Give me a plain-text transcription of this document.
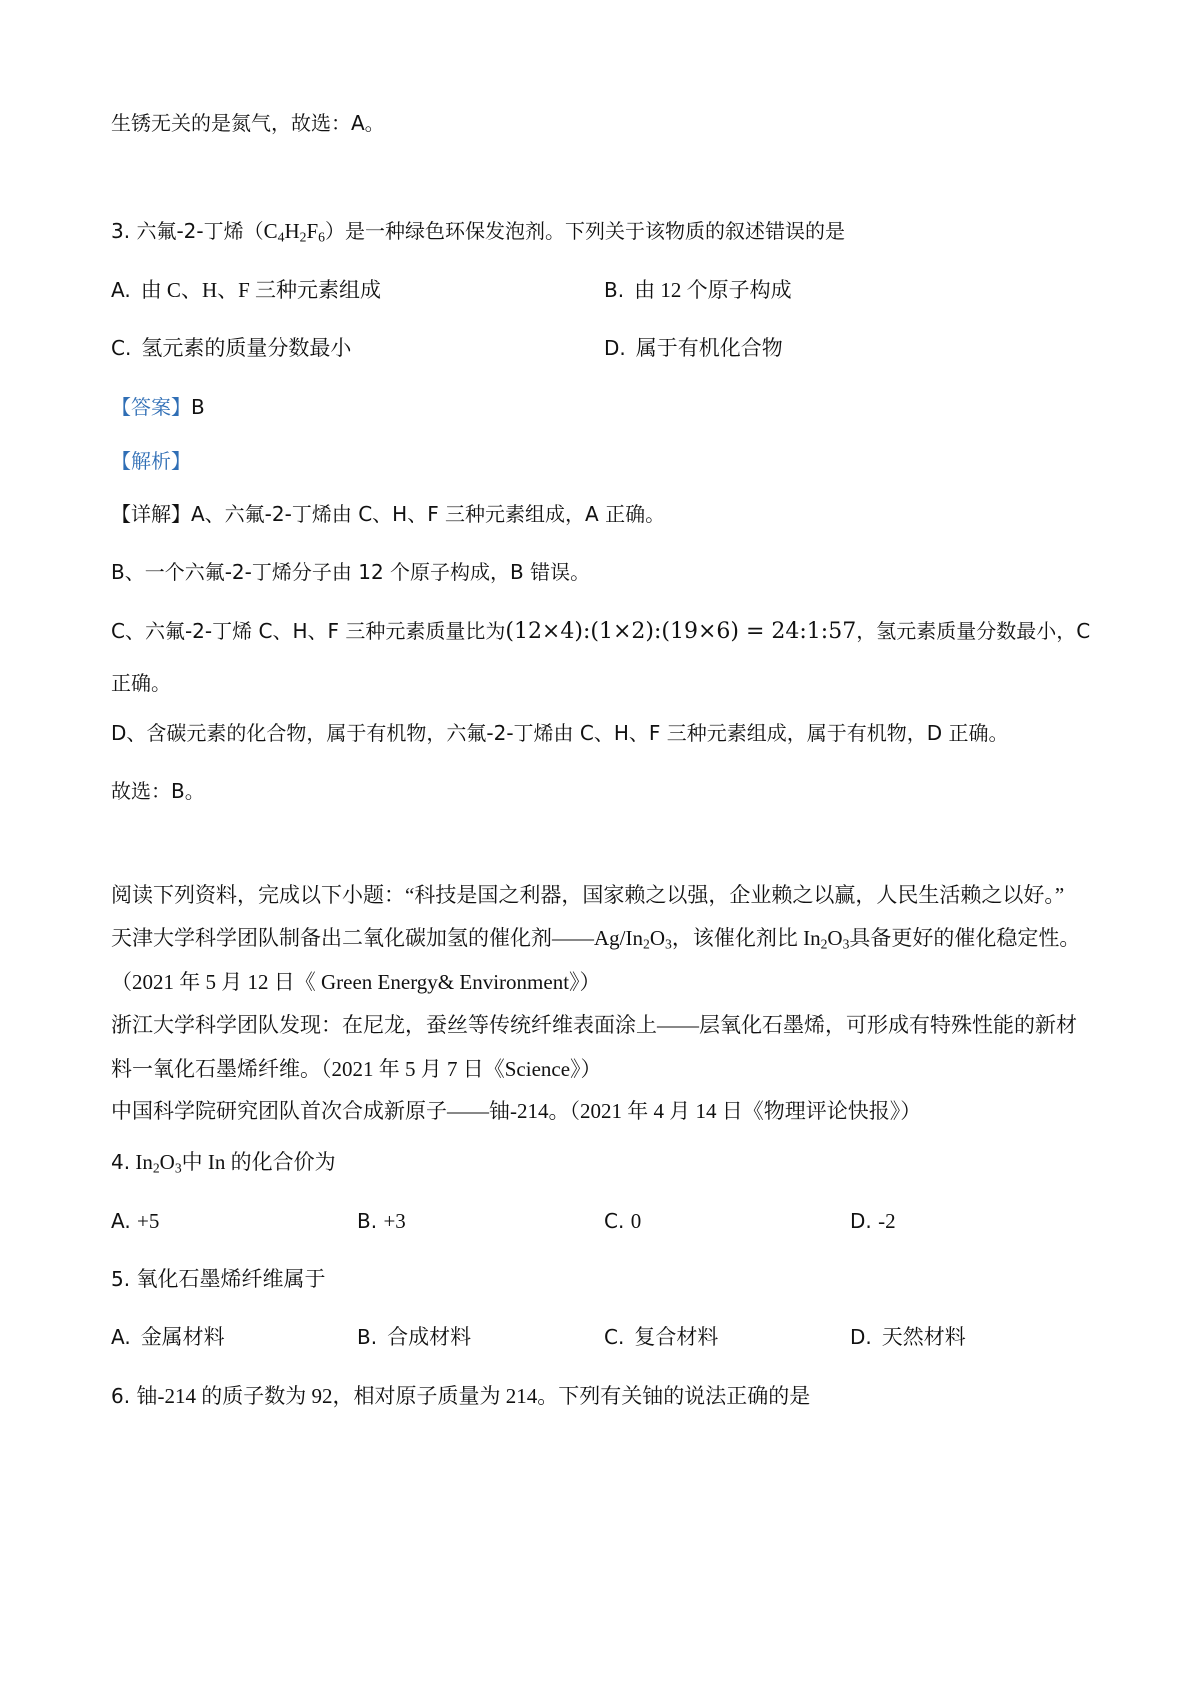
生锈无关的是氮气，故选：A。
3. 六氟-2-丁烯$(C_4H_2F_6)$是一种绿色环保发泡剂。下列关于该物质的叙述错误的是
A. 由 C、H、F 三种元素组成	B. 由 12 个原子构成
C. 氢元素的质量分数最小	D. 属于有机化合物
【答案】B
【解析】
【详解】A、六氟-2-丁烯由 C、H、F 三种元素组成，A 正确。
B、一个六氟-2-丁烯分子由 12 个原子构成，B 错误。
C、六氟-2-丁烯 C、H、F 三种元素质量比为(12×4):(1×2):(19×6) = 24:1:57，氢元素质量分数最小，C
正确。
D、含碳元素的化合物，属于有机物，六氟-2-丁烯由 C、H、F 三种元素组成，属于有机物，D 正确。
故选：B。
阅读下列资料，完成以下小题：“科技是国之利器，国家赖之以强，企业赖之以赢，人民生活赖之以好。”
天津大学科学团队制备出二氧化碳加氢的催化剂$——Ag/In_2O_3$，该催化剂比 $In_2O_3$具备更好的催化稳定性。
（2021 年 5 月 12 日《 Green Energy& Environment》）
浙江大学科学团队发现：在尼龙，蚕丝等传统纤维表面涂上——层氧化石墨烯，可形成有特殊性能的新材
料一氧化石墨烯纤维。（2021 年 5 月 7 日《Science》）
中国科学院研究团队首次合成新原子——铀-214。（2021 年 4 月 14 日《物理评论快报》）
4. $In_2O_3$中 In 的化合价为
A. +5	B. +3	C. 0	D. -2
5. 氧化石墨烯纤维属于
A. 金属材料	B. 合成材料	C. 复合材料	D. 天然材料
6. 铀-214 的质子数为 92，相对原子质量为 214。下列有关铀的说法正确的是
